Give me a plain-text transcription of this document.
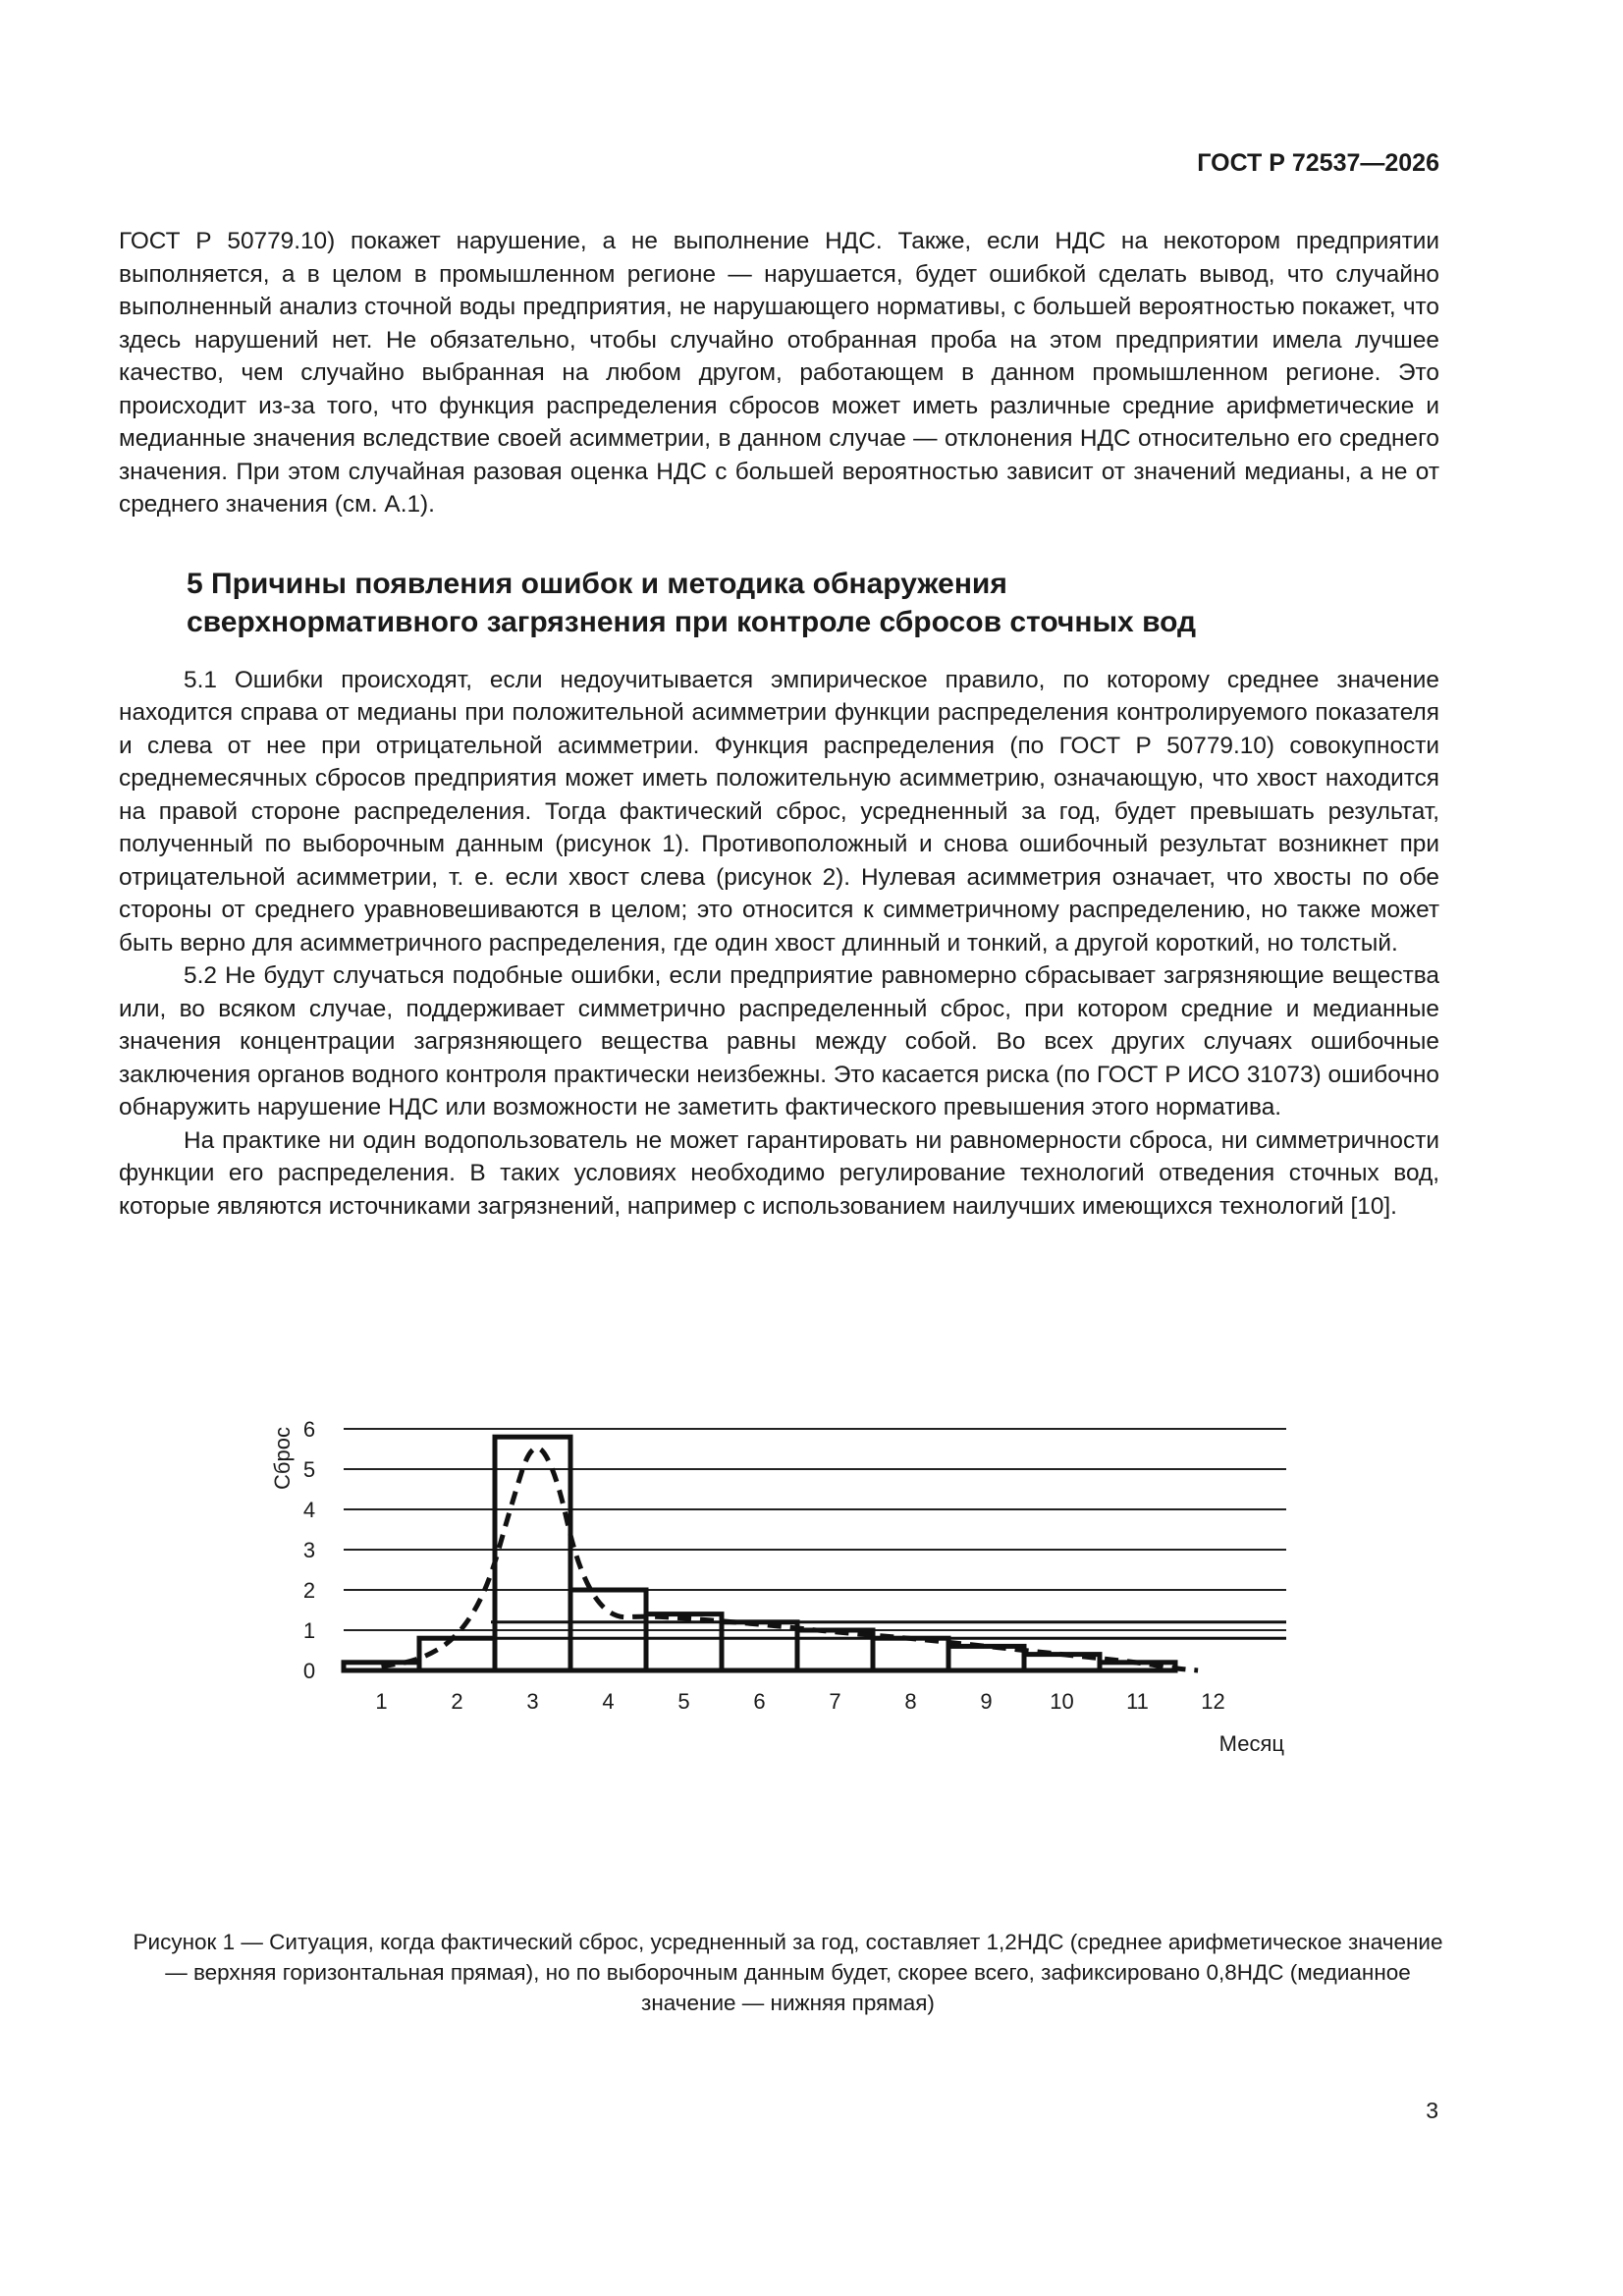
ГОСТ Р 72537—2026

ГОСТ Р 50779.10) покажет нарушение, а не выполнение НДС. Также, если НДС на некотором предприятии выполняется, а в целом в промышленном регионе — нарушается, будет ошибкой сделать вывод, что случайно выполненный анализ сточной воды предприятия, не нарушающего нормативы, с большей вероятностью покажет, что здесь нарушений нет. Не обязательно, чтобы случайно отобранная проба на этом предприятии имела лучшее качество, чем случайно выбранная на любом другом, работающем в данном промышленном регионе. Это происходит из-за того, что функция распределения сбросов может иметь различные средние арифметические и медианные значения вследствие своей асимметрии, в данном случае — отклонения НДС относительно его среднего значения. При этом случайная разовая оценка НДС с большей вероятностью зависит от значений медианы, а не от среднего значения (см. А.1).

5 Причины появления ошибок и методика обнаружения
сверхнормативного загрязнения при контроле сбросов сточных вод

5.1 Ошибки происходят, если недоучитывается эмпирическое правило, по которому среднее значение находится справа от медианы при положительной асимметрии функции распределения контролируемого показателя и слева от нее при отрицательной асимметрии. Функция распределения (по ГОСТ Р 50779.10) совокупности среднемесячных сбросов предприятия может иметь положительную асимметрию, означающую, что хвост находится на правой стороне распределения. Тогда фактический сброс, усредненный за год, будет превышать результат, полученный по выборочным данным (рисунок 1). Противоположный и снова ошибочный результат возникнет при отрицательной асимметрии, т. е. если хвост слева (рисунок 2). Нулевая асимметрия означает, что хвосты по обе стороны от среднего уравновешиваются в целом; это относится к симметричному распределению, но также может быть верно для асимметричного распределения, где один хвост длинный и тонкий, а другой короткий, но толстый.

5.2 Не будут случаться подобные ошибки, если предприятие равномерно сбрасывает загрязняющие вещества или, во всяком случае, поддерживает симметрично распределенный сброс, при котором средние и медианные значения концентрации загрязняющего вещества равны между собой. Во всех других случаях ошибочные заключения органов водного контроля практически неизбежны. Это касается риска (по ГОСТ Р ИСО 31073) ошибочно обнаружить нарушение НДС или возможности не заметить фактического превышения этого норматива.

На практике ни один водопользователь не может гарантировать ни равномерности сброса, ни симметричности функции его распределения. В таких условиях необходимо регулирование технологий отведения сточных вод, которые являются источниками загрязнений, например с использованием наилучших имеющихся технологий [10].

0
1
2
3
4
5
6
Сброс
1	2	3	4	5	6	7	8	9	10 11 12
Месяц
Рисунок 1 — Ситуация, когда фактический сброс, усредненный за год, составляет 1,2НДС (среднее арифметическое значение — верхняя горизонтальная прямая), но по выборочным данным будет, скорее всего, зафиксировано 0,8НДС (медианное значение — нижняя прямая)
3
